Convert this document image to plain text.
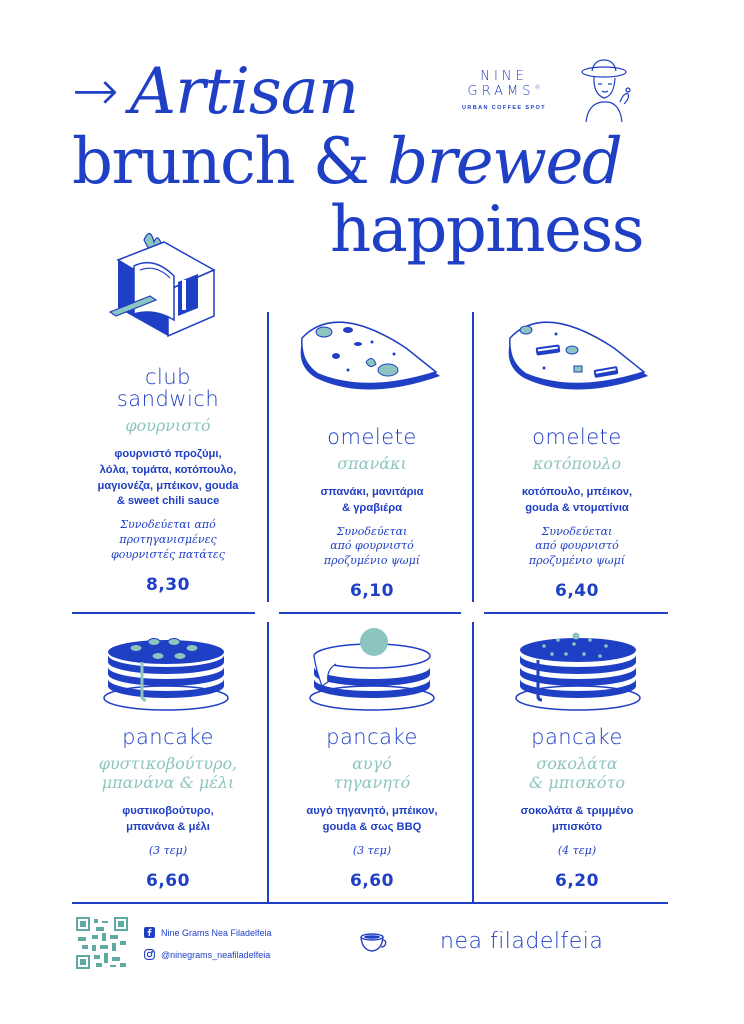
→ Artisan
brunch & brewed
happiness
NINE
GRAMS®
URBAN COFFEE SPOT
club
sandwich
φουρνιστό
φουρνιστό προζύμι,
λόλα, τομάτα, κοτόπουλο,
μαγιονέζα, μπέικον, gouda
& sweet chili sauce
Συνοδεύεται από
προτηγανισμένες
φουρνιστές πατάτες
8,30
omelete
σπανάκι
σπανάκι, μανιτάρια
& γραβιέρα
Συνοδεύεται
από φουρνιστό
προζυμένιο ψωμί
6,10
omelete
κοτόπουλο
κοτόπουλο, μπέικον,
gouda & ντοματίνια
Συνοδεύεται
από φουρνιστό
προζυμένιο ψωμί
6,40
pancake
φυστικοβούτυρο,
μπανάνα & μέλι
φυστικοβούτυρο,
μπανάνα & μέλι
(3 τεμ)
6,60
pancake
αυγό
τηγανητό
αυγό τηγανητό, μπέικον,
gouda & σως BBQ
(3 τεμ)
6,60
pancake
σοκολάτα
& μπισκότο
σοκολάτα & τριμμένο
μπισκότο
(4 τεμ)
6,20
Nine Grams Nea Filadelfeia
@ninegrams_neafiladelfeia
nea filadelfeia
